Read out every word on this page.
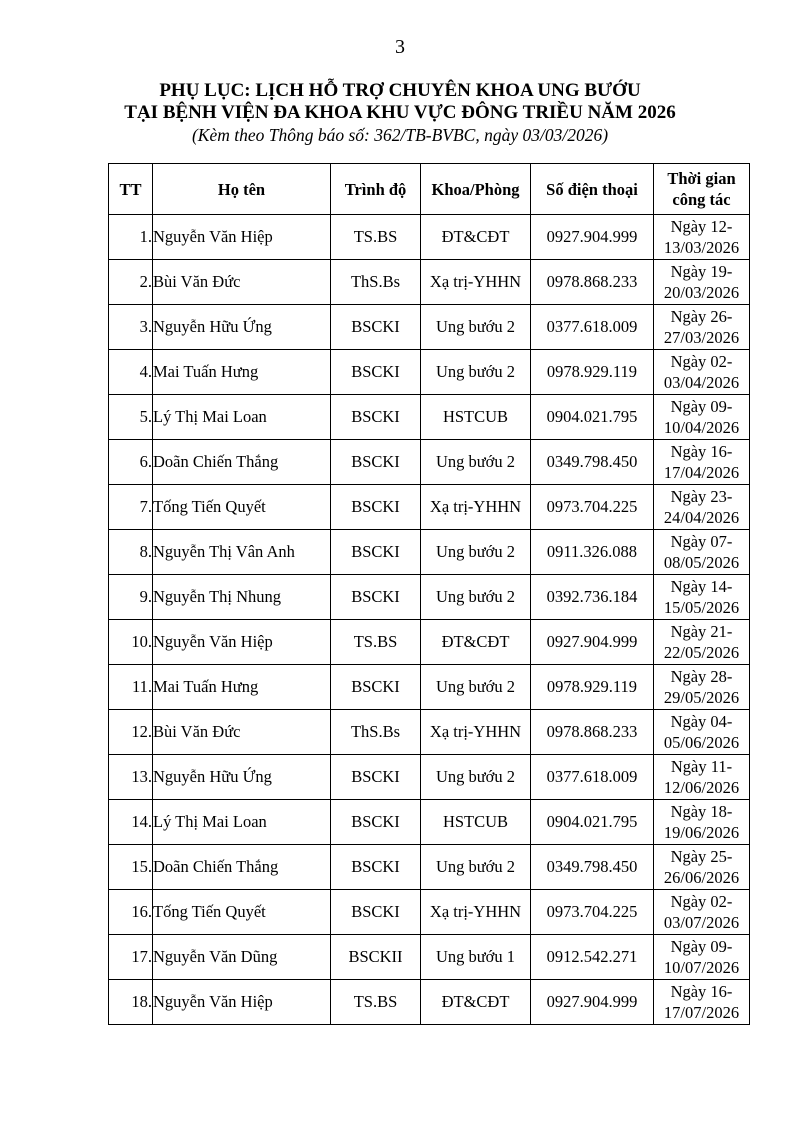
3
PHỤ LỤC: LỊCH HỖ TRỢ CHUYÊN KHOA UNG BƯỚU
TẠI BỆNH VIỆN ĐA KHOA KHU VỰC ĐÔNG TRIỀU NĂM 2026
(Kèm theo Thông báo số: 362/TB-BVBC, ngày 03/03/2026)
TT	Họ tên	Trình độ	Khoa/Phòng	Số điện thoại	Thời gian
công tác

1.	Nguyễn Văn Hiệp	TS.BS	ĐT&CĐT	0927.904.999	Ngày 12-
13/03/2026

2.	Bùi Văn Đức	ThS.Bs	Xạ trị-YHHN	0978.868.233	Ngày 19-
20/03/2026

3.	Nguyễn Hữu Ứng	BSCKI	Ung bướu 2	0377.618.009	Ngày 26-
27/03/2026

4.	Mai Tuấn Hưng	BSCKI	Ung bướu 2	0978.929.119	Ngày 02-
03/04/2026

5.	Lý Thị Mai Loan	BSCKI	HSTCUB	0904.021.795	Ngày 09-
10/04/2026

6.	Doãn Chiến Thắng	BSCKI	Ung bướu 2	0349.798.450	Ngày 16-
17/04/2026

7.	Tống Tiến Quyết	BSCKI	Xạ trị-YHHN	0973.704.225	Ngày 23-
24/04/2026

8.	Nguyễn Thị Vân Anh	BSCKI	Ung bướu 2	0911.326.088	Ngày 07-
08/05/2026

9.	Nguyễn Thị Nhung	BSCKI	Ung bướu 2	0392.736.184	Ngày 14-
15/05/2026

10.	Nguyễn Văn Hiệp	TS.BS	ĐT&CĐT	0927.904.999	Ngày 21-
22/05/2026

11.	Mai Tuấn Hưng	BSCKI	Ung bướu 2	0978.929.119	Ngày 28-
29/05/2026

12.	Bùi Văn Đức	ThS.Bs	Xạ trị-YHHN	0978.868.233	Ngày 04-
05/06/2026

13.	Nguyễn Hữu Ứng	BSCKI	Ung bướu 2	0377.618.009	Ngày 11-
12/06/2026

14.	Lý Thị Mai Loan	BSCKI	HSTCUB	0904.021.795	Ngày 18-
19/06/2026

15.	Doãn Chiến Thắng	BSCKI	Ung bướu 2	0349.798.450	Ngày 25-
26/06/2026

16.	Tống Tiến Quyết	BSCKI	Xạ trị-YHHN	0973.704.225	Ngày 02-
03/07/2026

17.	Nguyễn Văn Dũng	BSCKII	Ung bướu 1	0912.542.271	Ngày 09-
10/07/2026

18.	Nguyễn Văn Hiệp	TS.BS	ĐT&CĐT	0927.904.999	Ngày 16-
17/07/2026
